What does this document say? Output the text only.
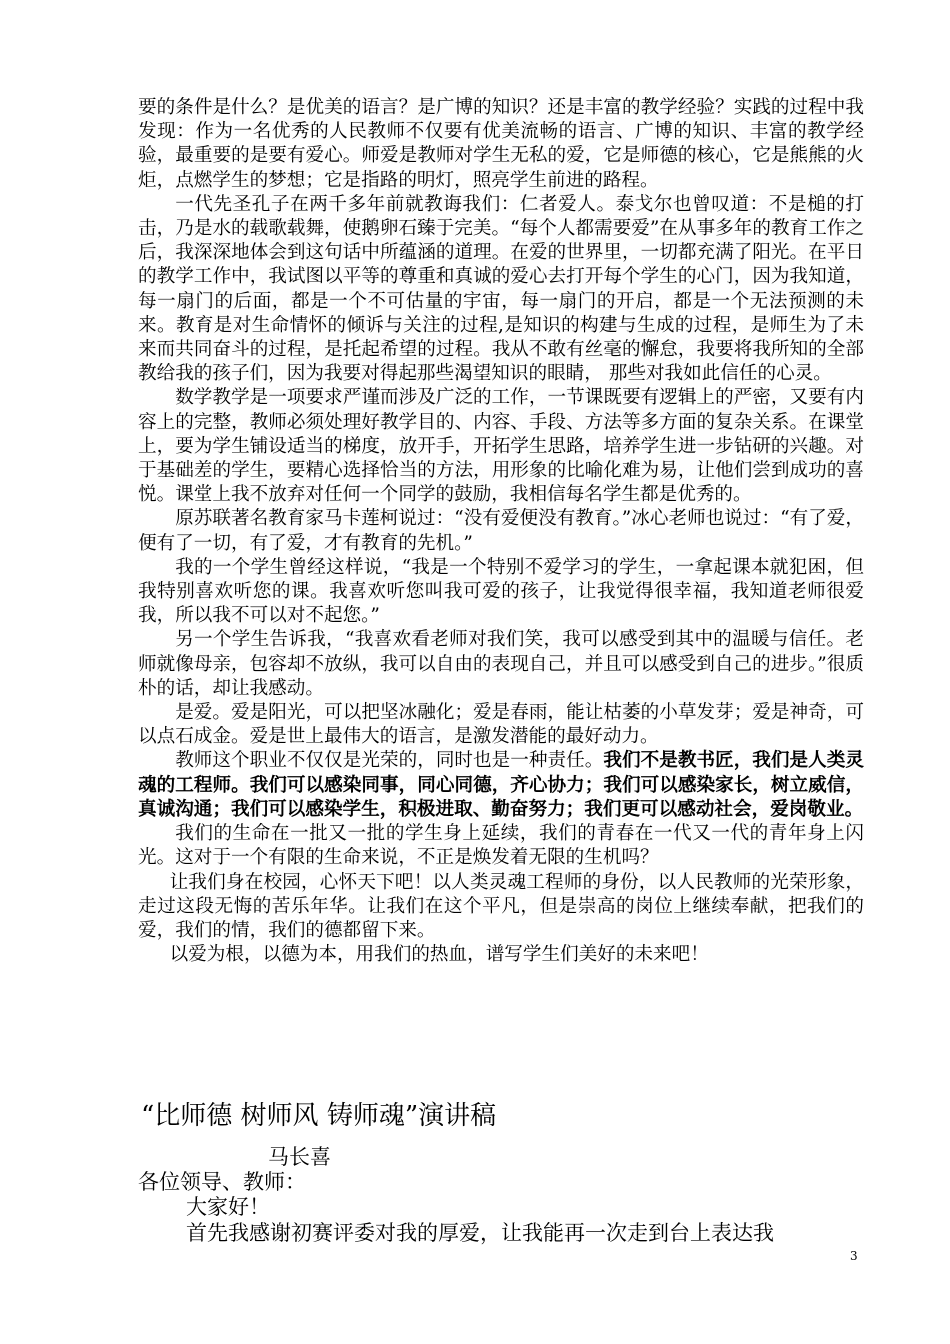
要的条件是什么？是优美的语言？是广博的知识？还是丰富的教学经验？实践的过程中我发现：作为一名优秀的人民教师不仅要有优美流畅的语言、广博的知识、丰富的教学经验，最重要的是要有爱心。师爱是教师对学生无私的爱，它是师德的核心，它是熊熊的火炬，点燃学生的梦想；它是指路的明灯，照亮学生前进的路程。

一代先圣孔子在两千多年前就教诲我们：仁者爱人。泰戈尔也曾叹道：不是槌的打击，乃是水的载歌载舞，使鹅卵石臻于完美。“每个人都需要爱”在从事多年的教育工作之后，我深深地体会到这句话中所蕴涵的道理。在爱的世界里，一切都充满了阳光。在平日的教学工作中，我试图以平等的尊重和真诚的爱心去打开每个学生的心门，因为我知道，每一扇门的后面，都是一个不可估量的宇宙，每一扇门的开启，都是一个无法预测的未来。教育是对生命情怀的倾诉与关注的过程,是知识的构建与生成的过程，是师生为了未来而共同奋斗的过程，是托起希望的过程。我从不敢有丝毫的懈怠，我要将我所知的全部教给我的孩子们，因为我要对得起那些渴望知识的眼睛， 那些对我如此信任的心灵。

数学教学是一项要求严谨而涉及广泛的工作，一节课既要有逻辑上的严密，又要有内容上的完整，教师必须处理好教学目的、内容、手段、方法等多方面的复杂关系。在课堂上，要为学生铺设适当的梯度，放开手，开拓学生思路，培养学生进一步钻研的兴趣。对于基础差的学生，要精心选择恰当的方法，用形象的比喻化难为易，让他们尝到成功的喜悦。课堂上我不放弃对任何一个同学的鼓励，我相信每名学生都是优秀的。

原苏联著名教育家马卡莲柯说过：“没有爱便没有教育。”冰心老师也说过：“有了爱，便有了一切，有了爱，才有教育的先机。”

我的一个学生曾经这样说，“我是一个特别不爱学习的学生，一拿起课本就犯困，但我特别喜欢听您的课。我喜欢听您叫我可爱的孩子，让我觉得很幸福，我知道老师很爱我，所以我不可以对不起您。”

另一个学生告诉我，“我喜欢看老师对我们笑，我可以感受到其中的温暖与信任。老师就像母亲，包容却不放纵，我可以自由的表现自己，并且可以感受到自己的进步。”很质朴的话，却让我感动。

是爱。爱是阳光，可以把坚冰融化；爱是春雨，能让枯萎的小草发芽；爱是神奇，可以点石成金。爱是世上最伟大的语言，是激发潜能的最好动力。

教师这个职业不仅仅是光荣的，同时也是一种责任。我们不是教书匠，我们是人类灵魂的工程师。我们可以感染同事，同心同德，齐心协力；我们可以感染家长，树立威信，真诚沟通；我们可以感染学生，积极进取、勤奋努力；我们更可以感动社会，爱岗敬业。

我们的生命在一批又一批的学生身上延续，我们的青春在一代又一代的青年身上闪光。这对于一个有限的生命来说，不正是焕发着无限的生机吗？

让我们身在校园，心怀天下吧！以人类灵魂工程师的身份，以人民教师的光荣形象，走过这段无悔的苦乐年华。让我们在这个平凡，但是崇高的岗位上继续奉献，把我们的爱，我们的情，我们的德都留下来。

以爱为根，以德为本，用我们的热血，谱写学生们美好的未来吧！

“比师德 树师风 铸师魂”演讲稿
马长喜
各位领导、教师：
大家好！
首先我感谢初赛评委对我的厚爱，让我能再一次走到台上表达我
3
